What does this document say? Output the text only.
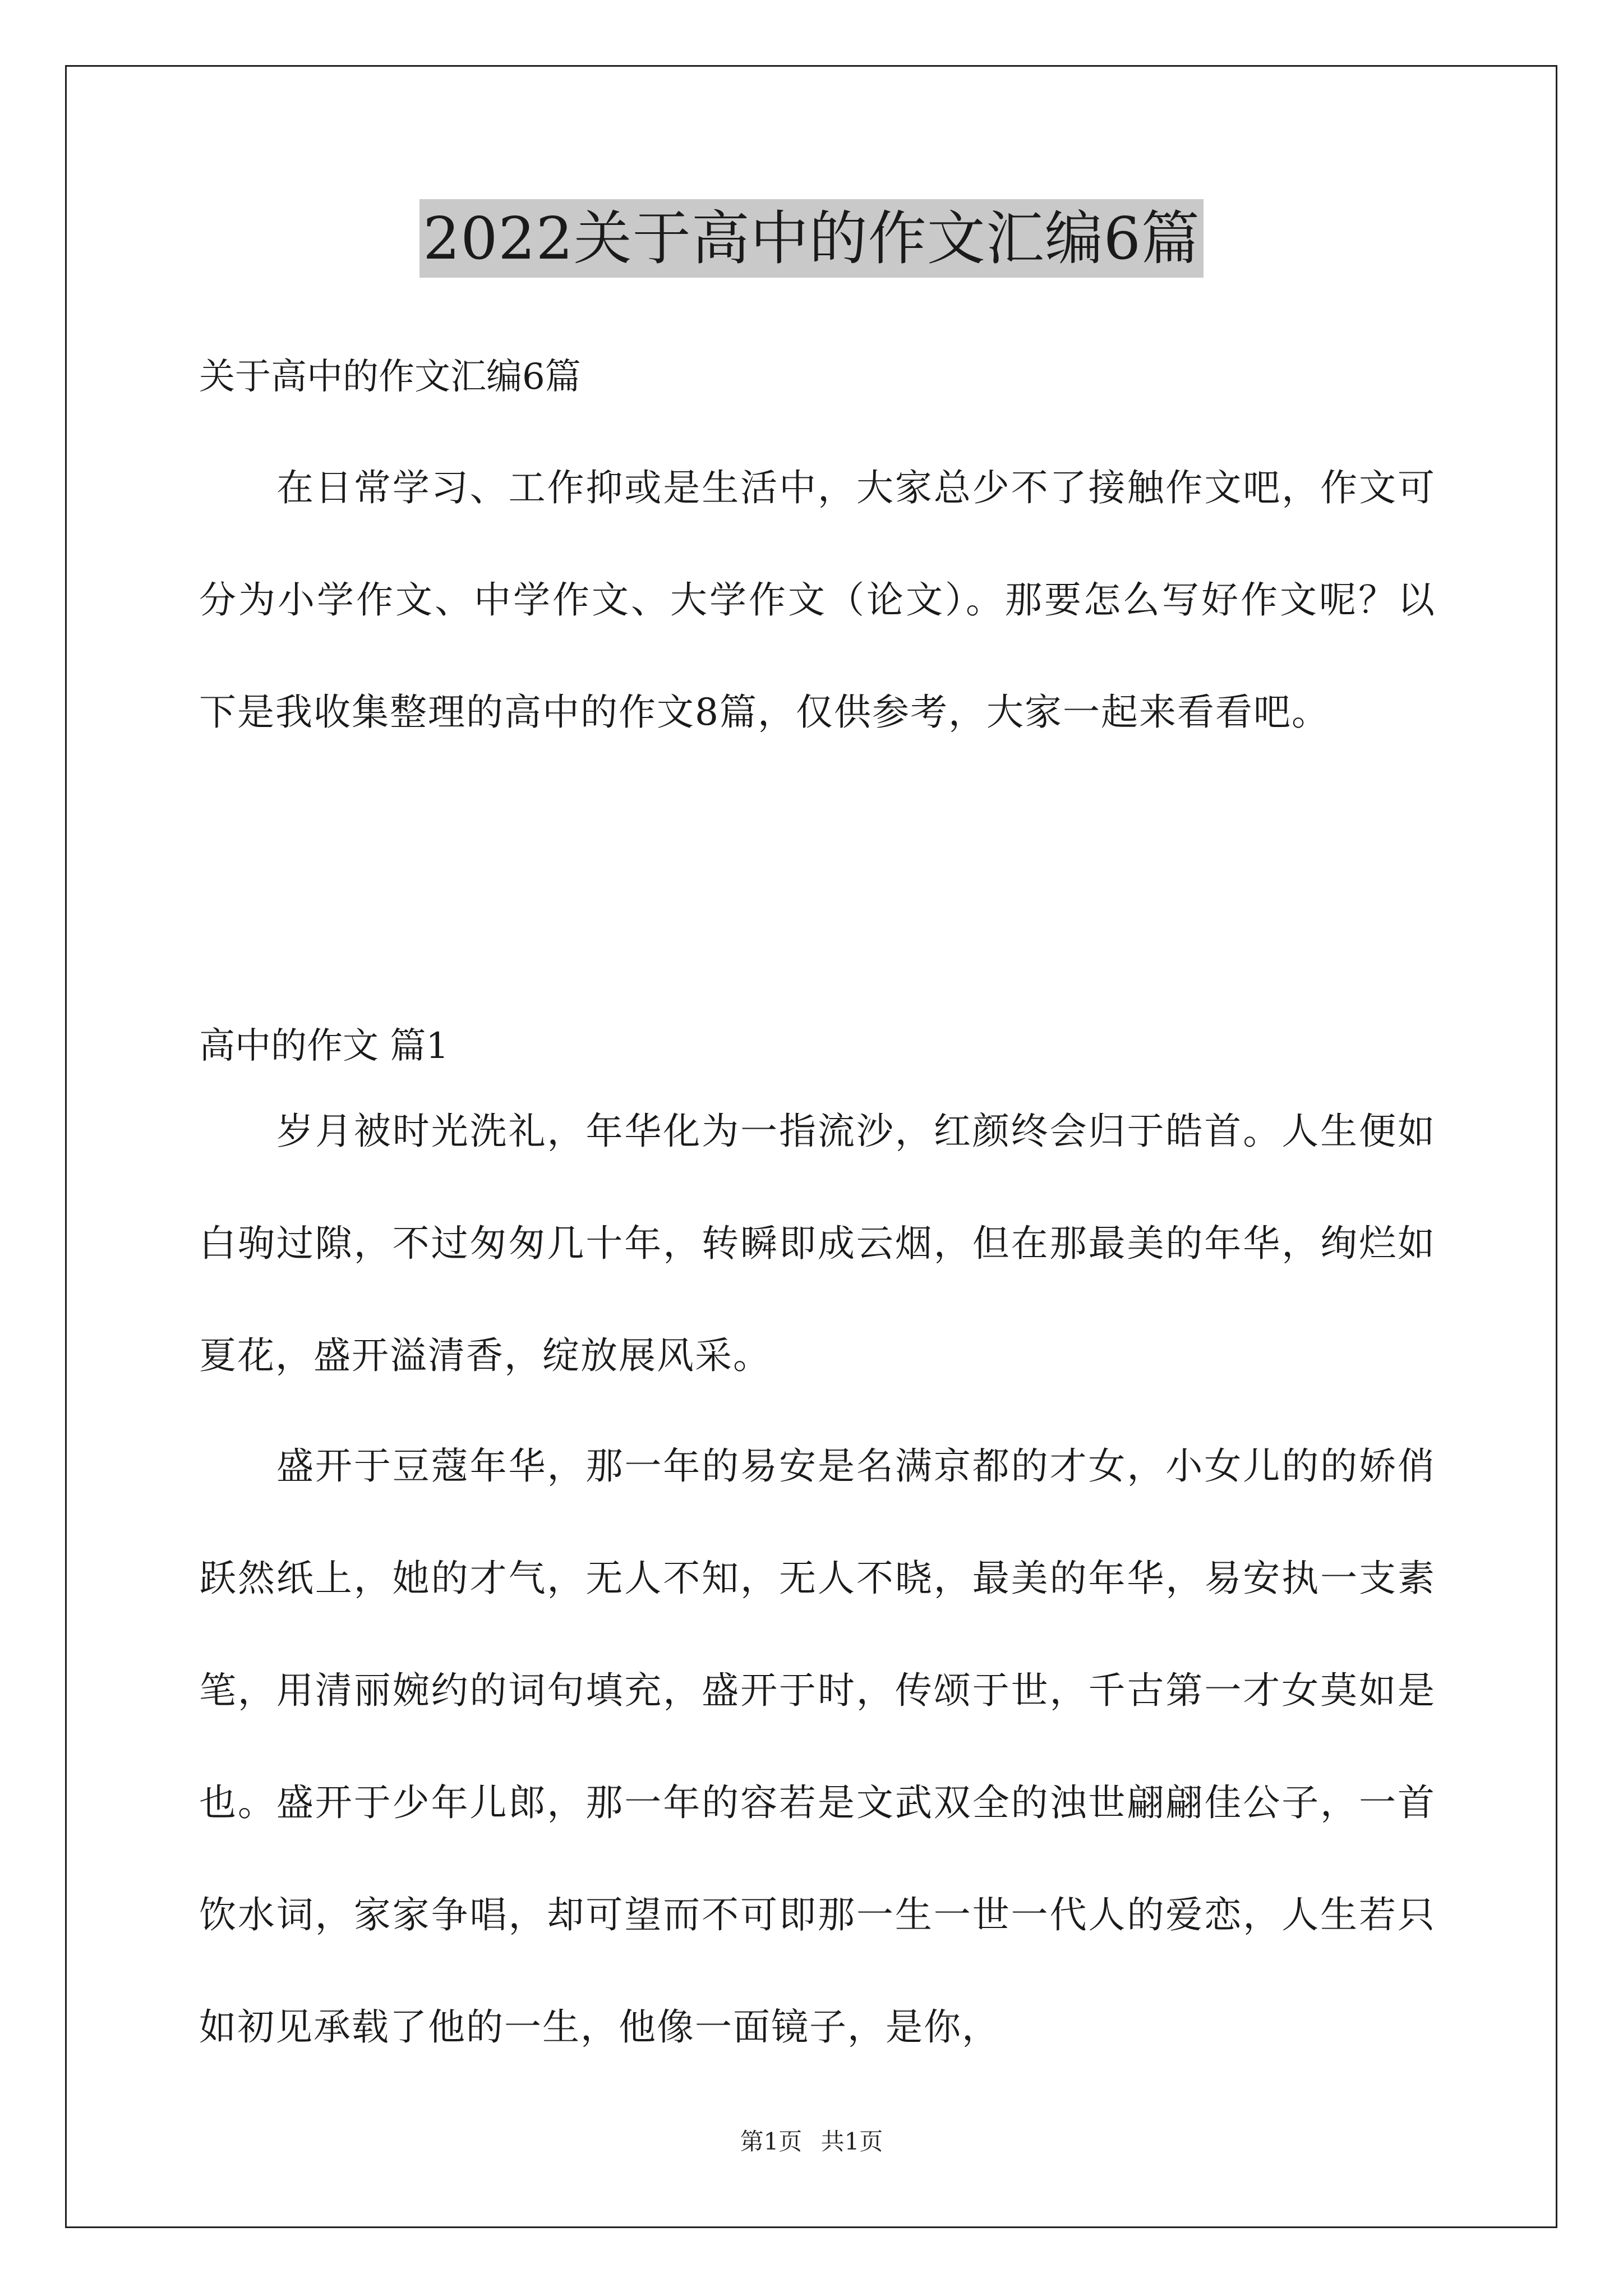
2022关于高中的作文汇编6篇
关于高中的作文汇编6篇

在日常学习、工作抑或是生活中，大家总少不了接触作文吧，作文可分为小学作文、中学作文、大学作文（论文）。那要怎么写好作文呢？以下是我收集整理的高中的作文8篇，仅供参考，大家一起来看看吧。

高中的作文 篇1

岁月被时光洗礼，年华化为一指流沙，红颜终会归于皓首。人生便如白驹过隙，不过匆匆几十年，转瞬即成云烟，但在那最美的年华，绚烂如夏花，盛开溢清香，绽放展风采。

盛开于豆蔻年华，那一年的易安是名满京都的才女，小女儿的的娇俏跃然纸上，她的才气，无人不知，无人不晓，最美的年华，易安执一支素笔，用清丽婉约的词句填充，盛开于时，传颂于世，千古第一才女莫如是也。盛开于少年儿郎，那一年的容若是文武双全的浊世翩翩佳公子，一首饮水词，家家争唱，却可望而不可即那一生一世一代人的爱恋，人生若只如初见承载了他的一生，他像一面镜子，是你，

第1页 共1页
